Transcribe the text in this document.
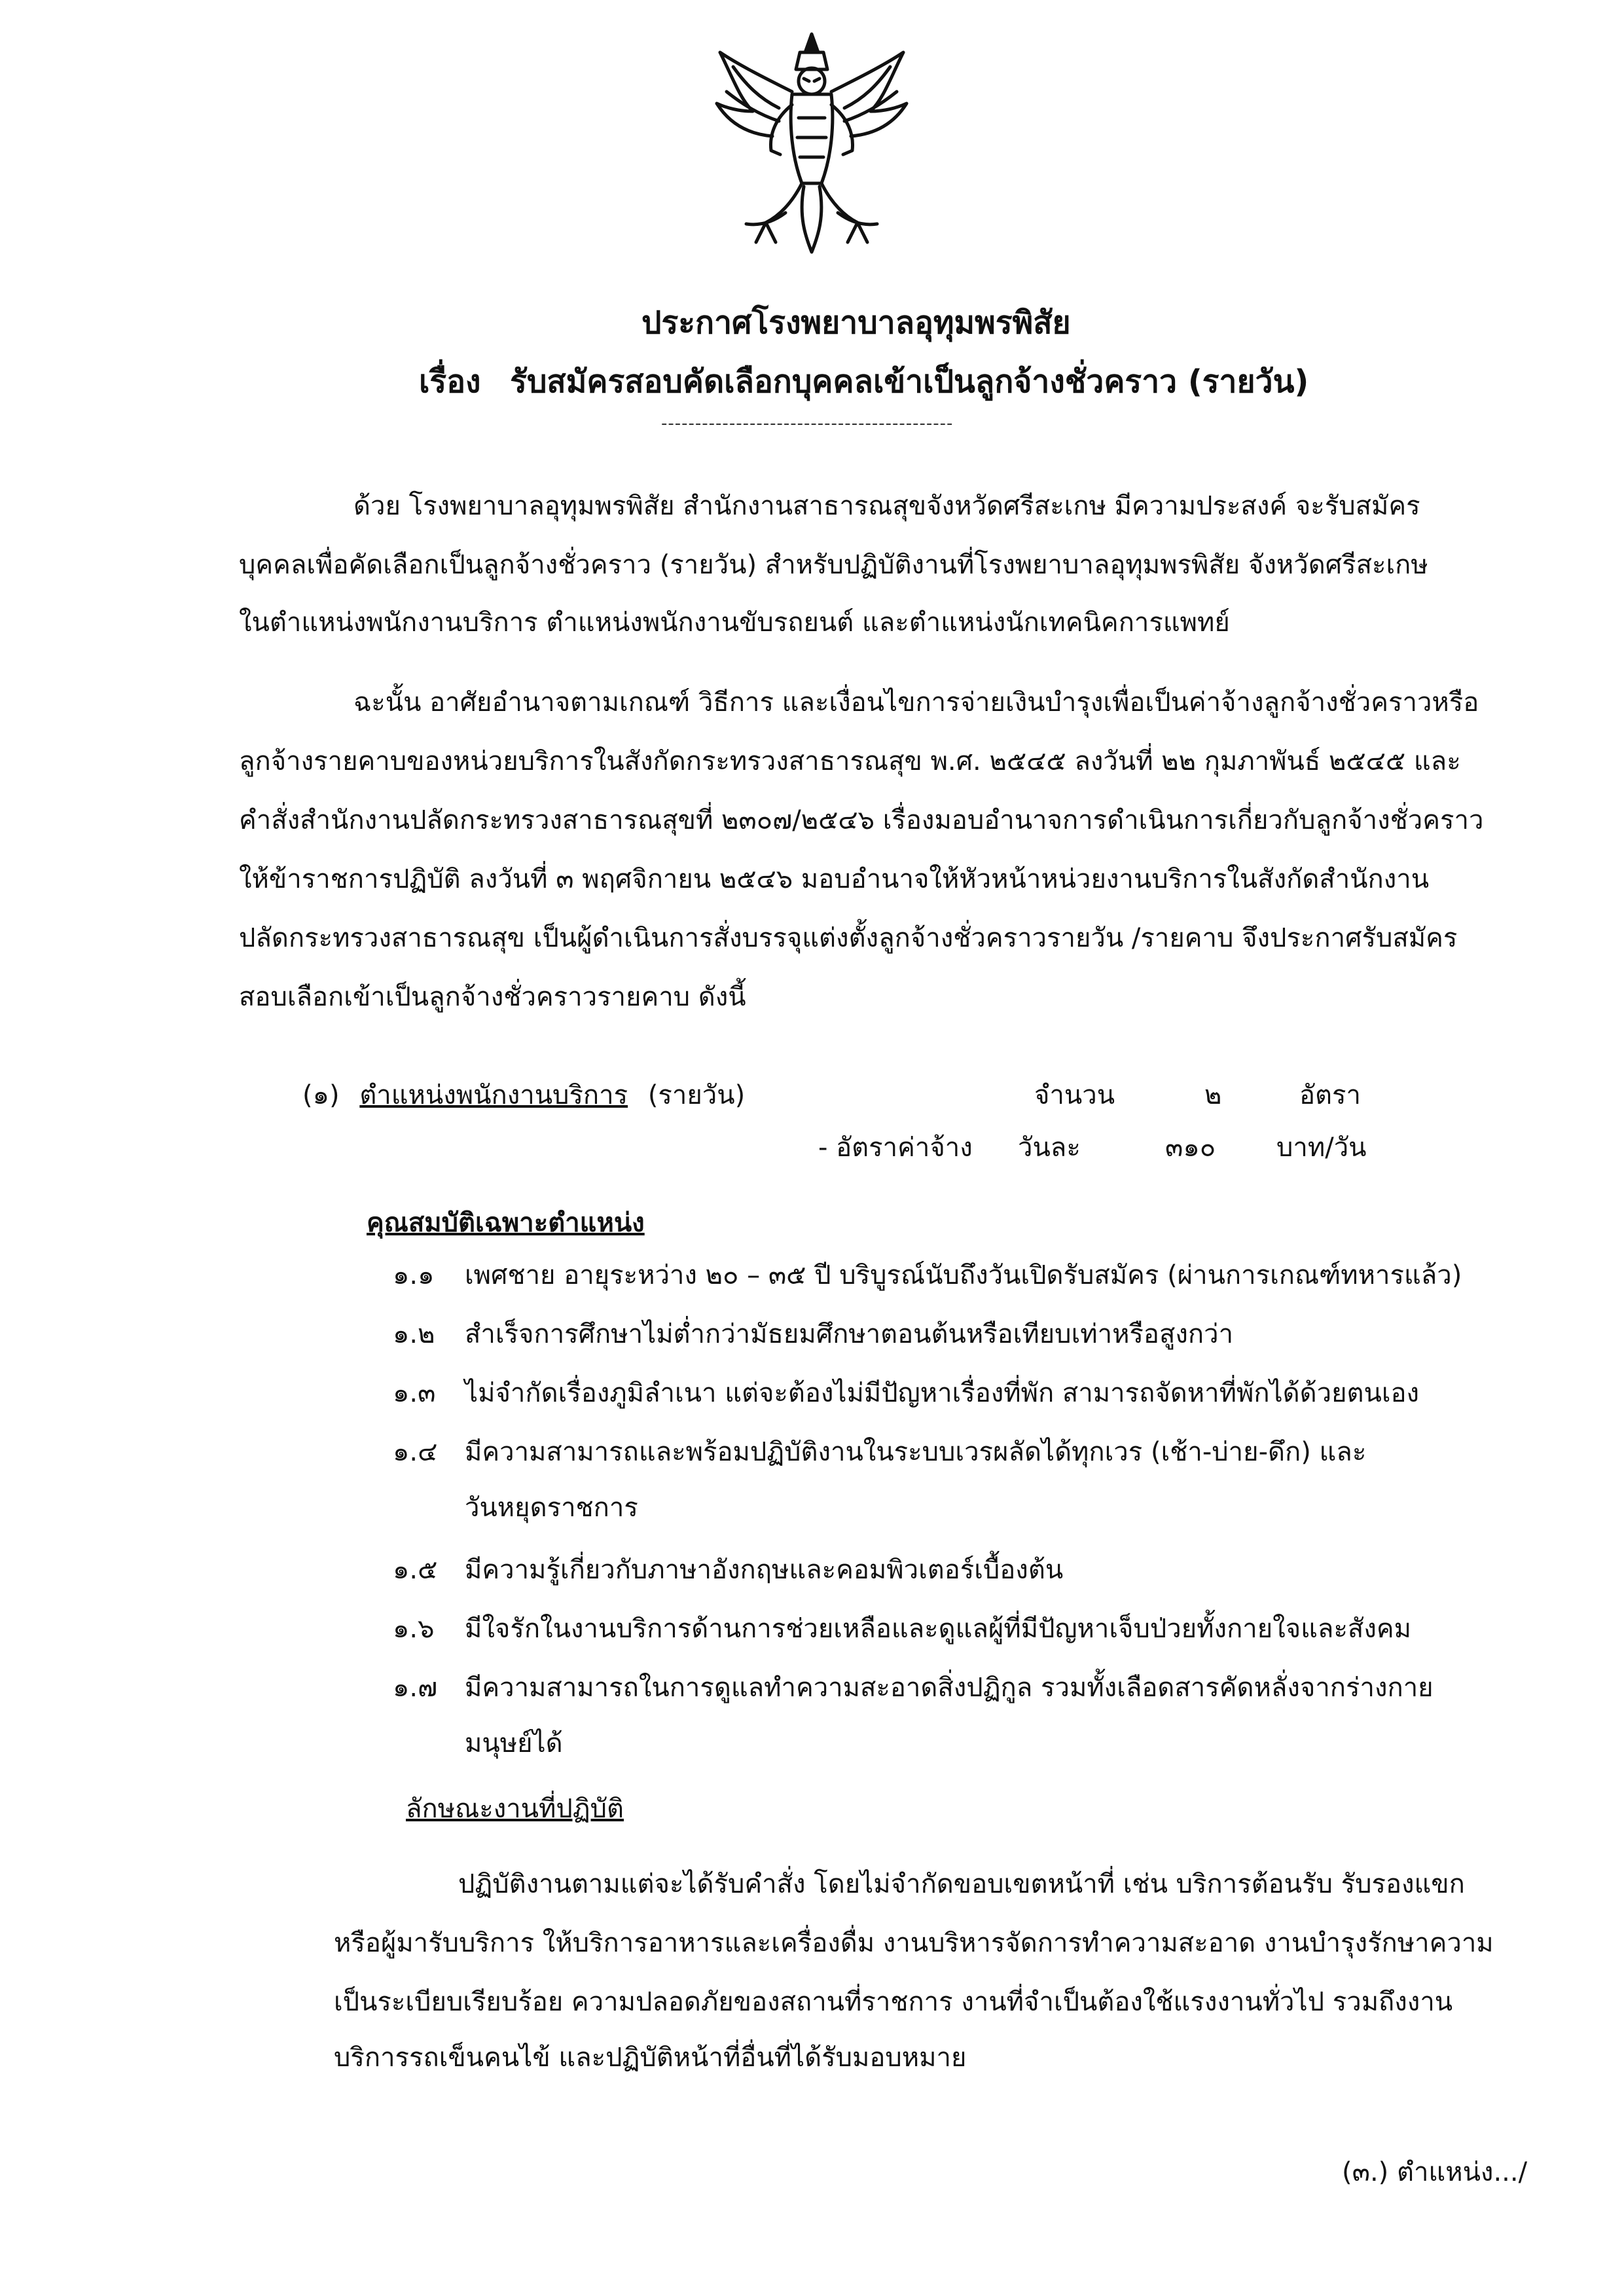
ประกาศโรงพยาบาลอุทุมพรพิสัย
เรื่อง รับสมัครสอบคัดเลือกบุคคลเข้าเป็นลูกจ้างชั่วคราว (รายวัน)
-------------------------------------------
ด้วย โรงพยาบาลอุทุมพรพิสัย สำนักงานสาธารณสุขจังหวัดศรีสะเกษ มีความประสงค์ จะรับสมัคร
บุคคลเพื่อคัดเลือกเป็นลูกจ้างชั่วคราว (รายวัน) สำหรับปฏิบัติงานที่โรงพยาบาลอุทุมพรพิสัย จังหวัดศรีสะเกษ
ในตำแหน่งพนักงานบริการ ตำแหน่งพนักงานขับรถยนต์ และตำแหน่งนักเทคนิคการแพทย์
ฉะนั้น อาศัยอำนาจตามเกณฑ์ วิธีการ และเงื่อนไขการจ่ายเงินบำรุงเพื่อเป็นค่าจ้างลูกจ้างชั่วคราวหรือ
ลูกจ้างรายคาบของหน่วยบริการในสังกัดกระทรวงสาธารณสุข พ.ศ. ๒๕๔๕ ลงวันที่ ๒๒ กุมภาพันธ์ ๒๕๔๕ และ
คำสั่งสำนักงานปลัดกระทรวงสาธารณสุขที่ ๒๓๐๗/๒๕๔๖ เรื่องมอบอำนาจการดำเนินการเกี่ยวกับลูกจ้างชั่วคราว
ให้ข้าราชการปฏิบัติ ลงวันที่ ๓ พฤศจิกายน ๒๕๔๖ มอบอำนาจให้หัวหน้าหน่วยงานบริการในสังกัดสำนักงาน
ปลัดกระทรวงสาธารณสุข เป็นผู้ดำเนินการสั่งบรรจุแต่งตั้งลูกจ้างชั่วคราวรายวัน /รายคาบ จึงประกาศรับสมัคร
สอบเลือกเข้าเป็นลูกจ้างชั่วคราวรายคาบ ดังนี้
(๑) ตำแหน่งพนักงานบริการ (รายวัน)	จำนวน	๒	อัตรา
- อัตราค่าจ้าง วันละ	๓๑๐ บาท/วัน
คุณสมบัติเฉพาะตำแหน่ง
๑.๑ เพศชาย อายุระหว่าง ๒๐ – ๓๕ ปี บริบูรณ์นับถึงวันเปิดรับสมัคร (ผ่านการเกณฑ์ทหารแล้ว)
๑.๒ สำเร็จการศึกษาไม่ต่ำกว่ามัธยมศึกษาตอนต้นหรือเทียบเท่าหรือสูงกว่า
๑.๓ ไม่จำกัดเรื่องภูมิลำเนา แต่จะต้องไม่มีปัญหาเรื่องที่พัก สามารถจัดหาที่พักได้ด้วยตนเอง
๑.๔ มีความสามารถและพร้อมปฏิบัติงานในระบบเวรผลัดได้ทุกเวร (เช้า-บ่าย-ดึก) และ
วันหยุดราชการ
๑.๕ มีความรู้เกี่ยวกับภาษาอังกฤษและคอมพิวเตอร์เบื้องต้น
๑.๖ มีใจรักในงานบริการด้านการช่วยเหลือและดูแลผู้ที่มีปัญหาเจ็บป่วยทั้งกายใจและสังคม
๑.๗ มีความสามารถในการดูแลทำความสะอาดสิ่งปฏิกูล รวมทั้งเลือดสารคัดหลั่งจากร่างกาย
มนุษย์ได้
ลักษณะงานที่ปฏิบัติ
ปฏิบัติงานตามแต่จะได้รับคำสั่ง โดยไม่จำกัดขอบเขตหน้าที่ เช่น บริการต้อนรับ รับรองแขก
หรือผู้มารับบริการ ให้บริการอาหารและเครื่องดื่ม งานบริหารจัดการทำความสะอาด งานบำรุงรักษาความ
เป็นระเบียบเรียบร้อย ความปลอดภัยของสถานที่ราชการ งานที่จำเป็นต้องใช้แรงงานทั่วไป รวมถึงงาน
บริการรถเข็นคนไข้ และปฏิบัติหน้าที่อื่นที่ได้รับมอบหมาย
(๓.) ตำแหน่ง.../
